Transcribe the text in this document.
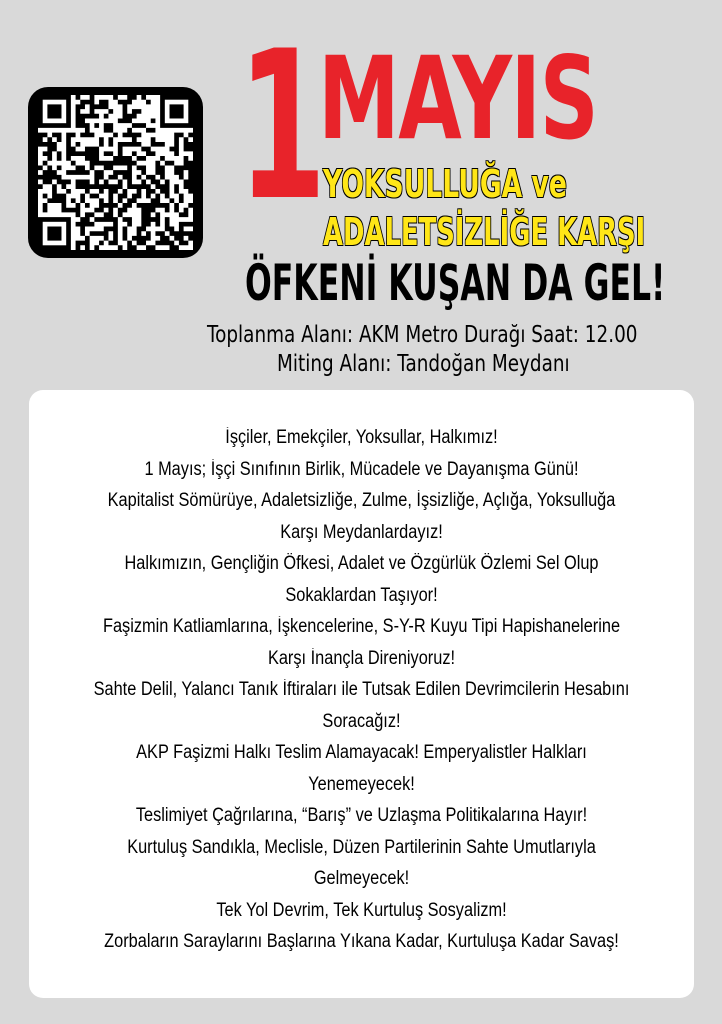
1
MAYIS
YOKSULLUĞA ve
ADALETSİZLİĞE KARŞI
ÖFKENİ KUŞAN DA GEL!
Toplanma Alanı: AKM Metro Durağı Saat: 12.00
Miting Alanı: Tandoğan Meydanı
İşçiler, Emekçiler, Yoksullar, Halkımız!
1 Mayıs; İşçi Sınıfının Birlik, Mücadele ve Dayanışma Günü!
Kapitalist Sömürüye, Adaletsizliğe, Zulme, İşsizliğe, Açlığa, Yoksulluğa
Karşı Meydanlardayız!
Halkımızın, Gençliğin Öfkesi, Adalet ve Özgürlük Özlemi Sel Olup
Sokaklardan Taşıyor!
Faşizmin Katliamlarına, İşkencelerine, S-Y-R Kuyu Tipi Hapishanelerine
Karşı İnançla Direniyoruz!
Sahte Delil, Yalancı Tanık İftiraları ile Tutsak Edilen Devrimcilerin Hesabını
Soracağız!
AKP Faşizmi Halkı Teslim Alamayacak! Emperyalistler Halkları
Yenemeyecek!
Teslimiyet Çağrılarına, “Barış” ve Uzlaşma Politikalarına Hayır!
Kurtuluş Sandıkla, Meclisle, Düzen Partilerinin Sahte Umutlarıyla
Gelmeyecek!
Tek Yol Devrim, Tek Kurtuluş Sosyalizm!
Zorbaların Saraylarını Başlarına Yıkana Kadar, Kurtuluşa Kadar Savaş!
